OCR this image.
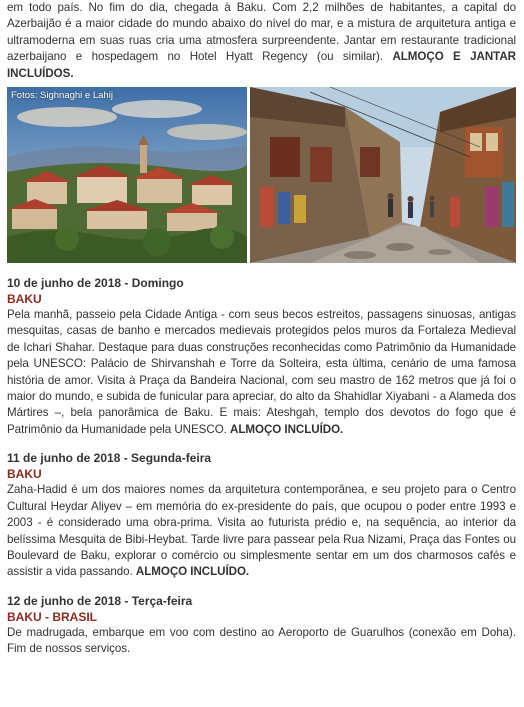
em todo país. No fim do dia, chegada à Baku. Com 2,2 milhões de habitantes, a capital do Azerbaijão é a maior cidade do mundo abaixo do nível do mar, e a mistura de arquitetura antiga e ultramoderna em suas ruas cria uma atmosfera surpreendente. Jantar em restaurante tradicional azerbaijano e hospedagem no Hotel Hyatt Regency (ou similar). ALMOÇO E JANTAR INCLUÍDOS.

Fotos: Sighnaghi e Lahij

10 de junho de 2018 - Domingo

BAKU

Pela manhã, passeio pela Cidade Antiga - com seus becos estreitos, passagens sinuosas, antigas mesquitas, casas de banho e mercados medievais protegidos pelos muros da Fortaleza Medieval de Ichari Shahar. Destaque para duas construções reconhecidas como Patrimônio da Humanidade pela UNESCO: Palácio de Shirvanshah e Torre da Solteira, esta última, cenário de uma famosa história de amor. Visita à Praça da Bandeira Nacional, com seu mastro de 162 metros que já foi o maior do mundo, e subida de funicular para apreciar, do alto da Shahidlar Xiyabani - a Alameda dos Mártires –, bela panorâmica de Baku. E mais: Ateshgah, templo dos devotos do fogo que é Patrimônio da Humanidade pela UNESCO. ALMOÇO INCLUÍDO.

11 de junho de 2018 - Segunda-feira

BAKU

Zaha-Hadid é um dos maiores nomes da arquitetura contemporânea, e seu projeto para o Centro Cultural Heydar Aliyev – em memória do ex-presidente do país, que ocupou o poder entre 1993 e 2003 - é considerado uma obra-prima. Visita ao futurista prédio e, na sequência, ao interior da belíssima Mesquita de Bibi-Heybat. Tarde livre para passear pela Rua Nizami, Praça das Fontes ou Boulevard de Baku, explorar o comércio ou simplesmente sentar em um dos charmosos cafés e assistir a vida passando. ALMOÇO INCLUÍDO.

12 de junho de 2018 - Terça-feira

BAKU - BRASIL

De madrugada, embarque em voo com destino ao Aeroporto de Guarulhos (conexão em Doha). Fim de nossos serviços.
